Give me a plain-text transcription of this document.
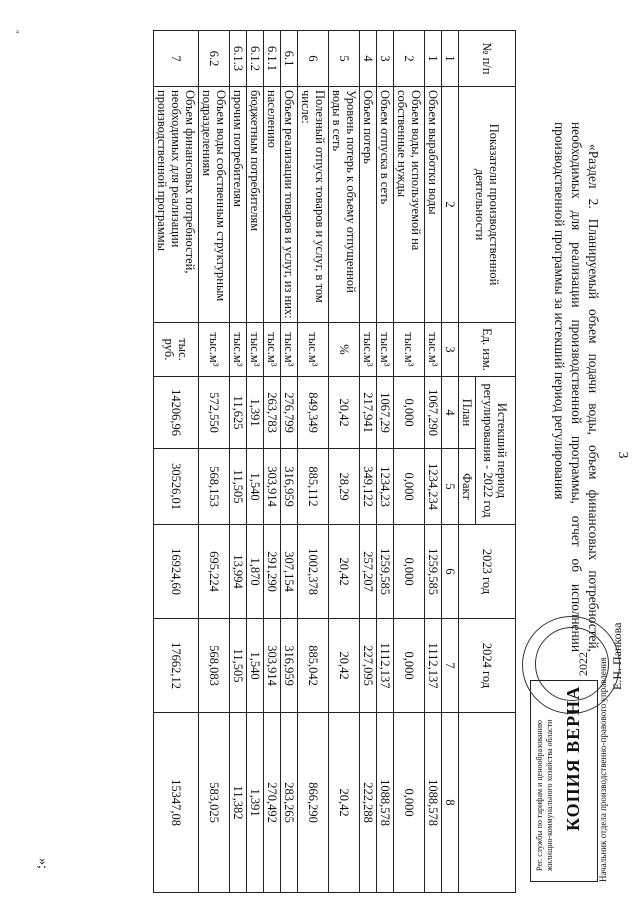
3

«Раздел 2. Планируемый объем подачи воды, объем финансовых потребностей, необходимых для реализации производственной программы, отчет об исполнении производственной программы за истекший период регулирования

Рег. службы по тарифам и ценообразованию жилищно-коммунального хозяйства области КОПИЯ ВЕРНА Начальник отдела производственно-правового управления
Е.Н. Панкова
2022
№ п/п	Показатели производственной деятельности	Ед. изм.	Истекший период регулирования - 2022 год		2023 год	2024 год	
			План	Факт			
1	2	3	4	5	6	7	8
1	Объем выработки воды	тыс.м³	1067,290	1234,234	1259,585	1112,137	1088,578
2	Объем воды, используемой на собственные нужды	тыс.м³	0,000	0,000	0,000	0,000	0,000
3	Объем отпуска в сеть	тыс.м³	1067,29	1234,23	1259,585	1112,137	1088,578
4	Объем потерь	тыс.м³	217,941	349,122	257,207	227,095	222,288
5	Уровень потерь к объему отпущенной воды в сеть	%	20,42	28,29	20,42	20,42	20,42
6	Полезный отпуск товаров и услуг, в том числе:	тыс.м³	849,349	885,112	1002,378	885,042	866,290
6.1	Объем реализации товаров и услуг, из них:	тыс.м³	276,799	316,959	307,154	316,959	283,265
6.1.1	населению	тыс.м³	263,783	303,914	291,290	303,914	270,492
6.1.2	бюджетным потребителям	тыс.м³	1,391	1,540	1,870	1,540	1,391
6.1.3	прочим потребителям	тыс.м³	11,625	11,505	13,994	11,505	11,382
6.2	Объем воды собственным структурным подразделениям	тыс.м³	572,550	568,153	695,224	568,083	583,025
7	Объем финансовых потребностей, необходимых для реализации производственной программы	тыс. руб.	14206,96	30526,01	16924,60	17662,12	15347,08
»;
"
